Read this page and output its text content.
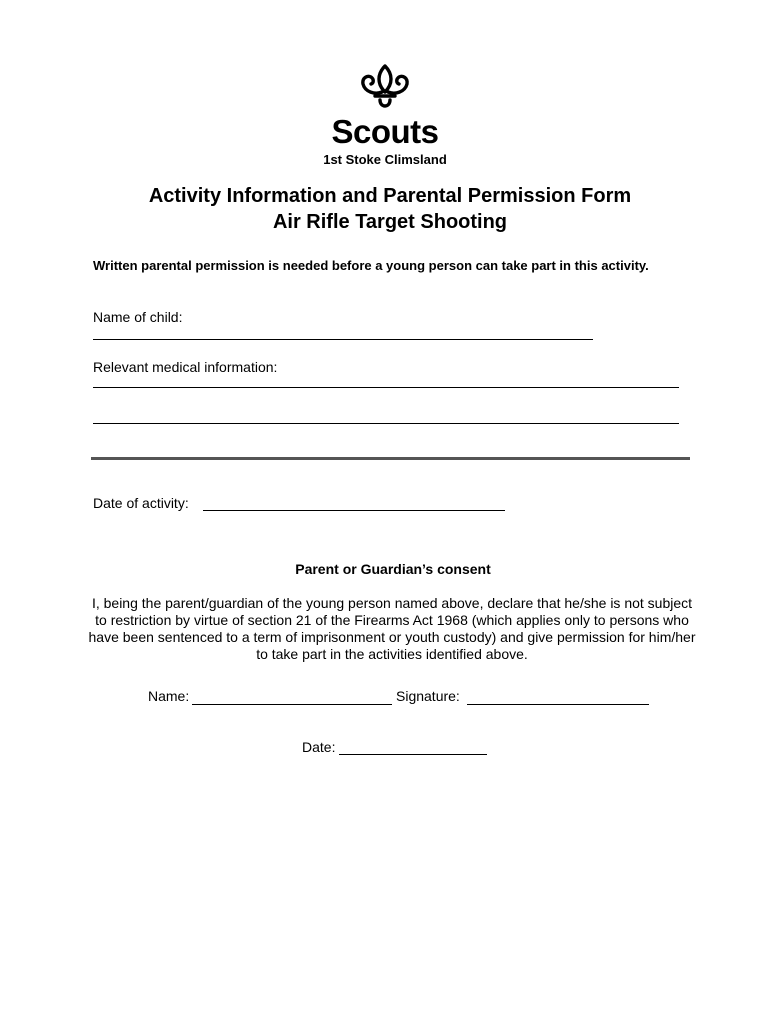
Scouts
1st Stoke Climsland
Activity Information and Parental Permission Form
Air Rifle Target Shooting
Written parental permission is needed before a young person can take part in this activity.
Name of child:
Relevant medical information:
Date of activity:
Parent or Guardian’s consent
I, being the parent/guardian of the young person named above, declare that he/she is not subject to restriction by virtue of section 21 of the Firearms Act 1968 (which applies only to persons who have been sentenced to a term of imprisonment or youth custody) and give permission for him/her to take part in the activities identified above.
Name:	Signature:
Date:
